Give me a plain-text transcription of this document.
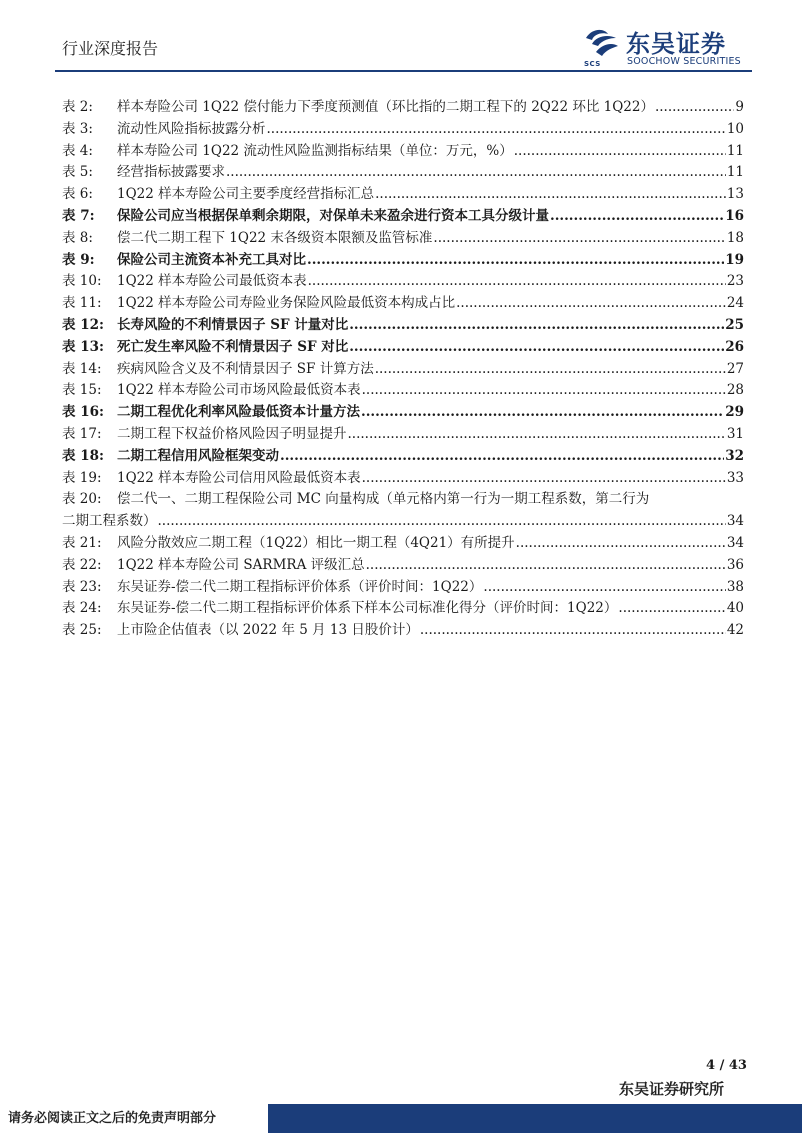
行业深度报告
SCS
东吴证券
SOOCHOW SECURITIES
表 2:	样本寿险公司 1Q22 偿付能力下季度预测值（环比指的二期工程下的 2Q22 环比 1Q22） .....	9
表 3:	流动性风险指标披露分析 .....	10
表 4:	样本寿险公司 1Q22 流动性风险监测指标结果（单位：万元，%） .....	11
表 5:	经营指标披露要求 .....	11
表 6:	1Q22 样本寿险公司主要季度经营指标汇总 .....	13
表 7:	保险公司应当根据保单剩余期限，对保单未来盈余进行资本工具分级计量 .....	16
表 8:	偿二代二期工程下 1Q22 末各级资本限额及监管标准 .....	18
表 9:	保险公司主流资本补充工具对比 .....	19
表 10:	1Q22 样本寿险公司最低资本表 .....	23
表 11:	1Q22 样本寿险公司寿险业务保险风险最低资本构成占比 .....	24
表 12: 长寿风险的不利情景因子 SF 计量对比 .....	25
表 13: 死亡发生率风险不利情景因子 SF 对比 .....	26
表 14:	疾病风险含义及不利情景因子 SF 计算方法 .....	27
表 15:	1Q22 样本寿险公司市场风险最低资本表 .....	28
表 16: 二期工程优化利率风险最低资本计量方法 .....	29
表 17:	二期工程下权益价格风险因子明显提升 .....	31
表 18: 二期工程信用风险框架变动 .....	32
表 19:	1Q22 样本寿险公司信用风险最低资本表 .....	33
表 20:	偿二代一、二期工程保险公司 MC 向量构成（单元格内第一行为一期工程系数，第二行为
二期工程系数） .....	34
表 21:	风险分散效应二期工程（1Q22）相比一期工程（4Q21）有所提升 .....	34
表 22:	1Q22 样本寿险公司 SARMRA 评级汇总 .....	36
表 23:	东吴证券-偿二代二期工程指标评价体系（评价时间：1Q22） .....	38
表 24:	东吴证券-偿二代二期工程指标评价体系下样本公司标准化得分（评价时间：1Q22） .....	40
表 25:	上市险企估值表（以 2022 年 5 月 13 日股价计） .....	42
4 / 43
东吴证券研究所
请务必阅读正文之后的免责声明部分
